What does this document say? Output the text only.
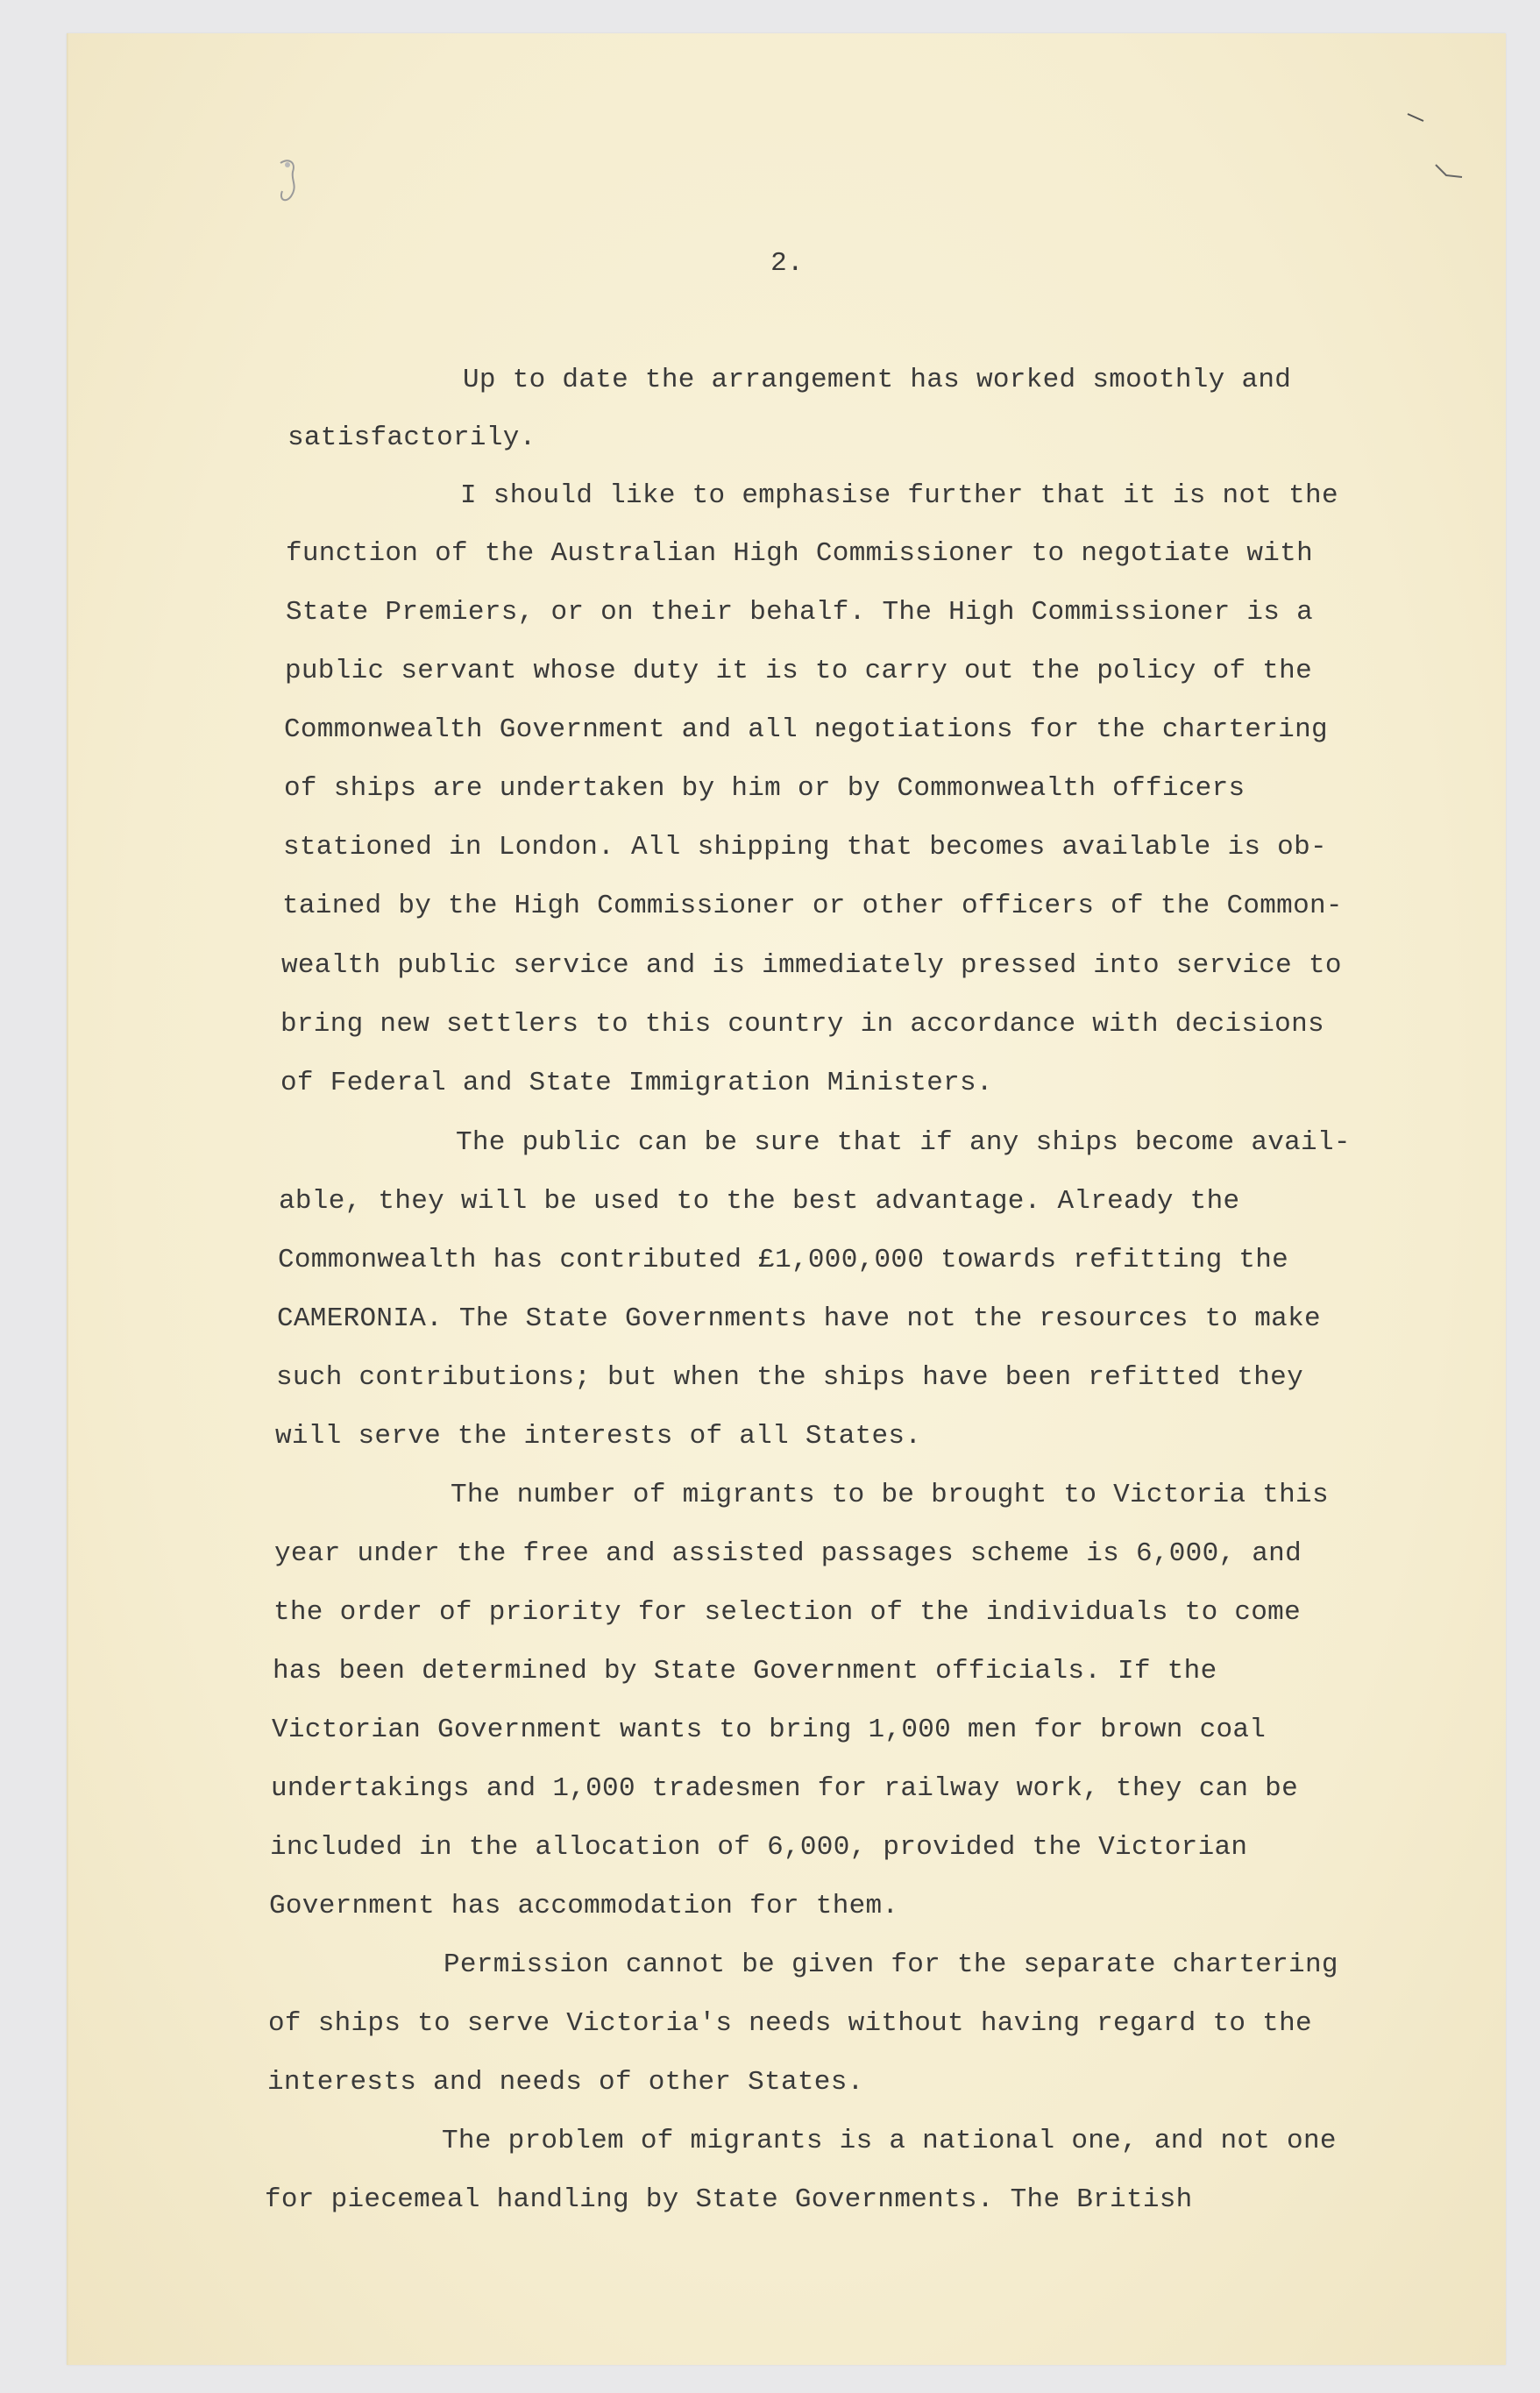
2.
Up to date the arrangement has worked smoothly and
satisfactorily.
I should like to emphasise further that it is not the
function of the Australian High Commissioner to negotiate with
State Premiers, or on their behalf. The High Commissioner is a
public servant whose duty it is to carry out the policy of the
Commonwealth Government and all negotiations for the chartering
of ships are undertaken by him or by Commonwealth officers
stationed in London. All shipping that becomes available is ob-
tained by the High Commissioner or other officers of the Common-
wealth public service and is immediately pressed into service to
bring new settlers to this country in accordance with decisions
of Federal and State Immigration Ministers.
The public can be sure that if any ships become avail-
able, they will be used to the best advantage. Already the
Commonwealth has contributed £1,000,000 towards refitting the
CAMERONIA. The State Governments have not the resources to make
such contributions; but when the ships have been refitted they
will serve the interests of all States.
The number of migrants to be brought to Victoria this
year under the free and assisted passages scheme is 6,000, and
the order of priority for selection of the individuals to come
has been determined by State Government officials. If the
Victorian Government wants to bring 1,000 men for brown coal
undertakings and 1,000 tradesmen for railway work, they can be
included in the allocation of 6,000, provided the Victorian
Government has accommodation for them.
Permission cannot be given for the separate chartering
of ships to serve Victoria's needs without having regard to the
interests and needs of other States.
The problem of migrants is a national one, and not one
for piecemeal handling by State Governments. The British
